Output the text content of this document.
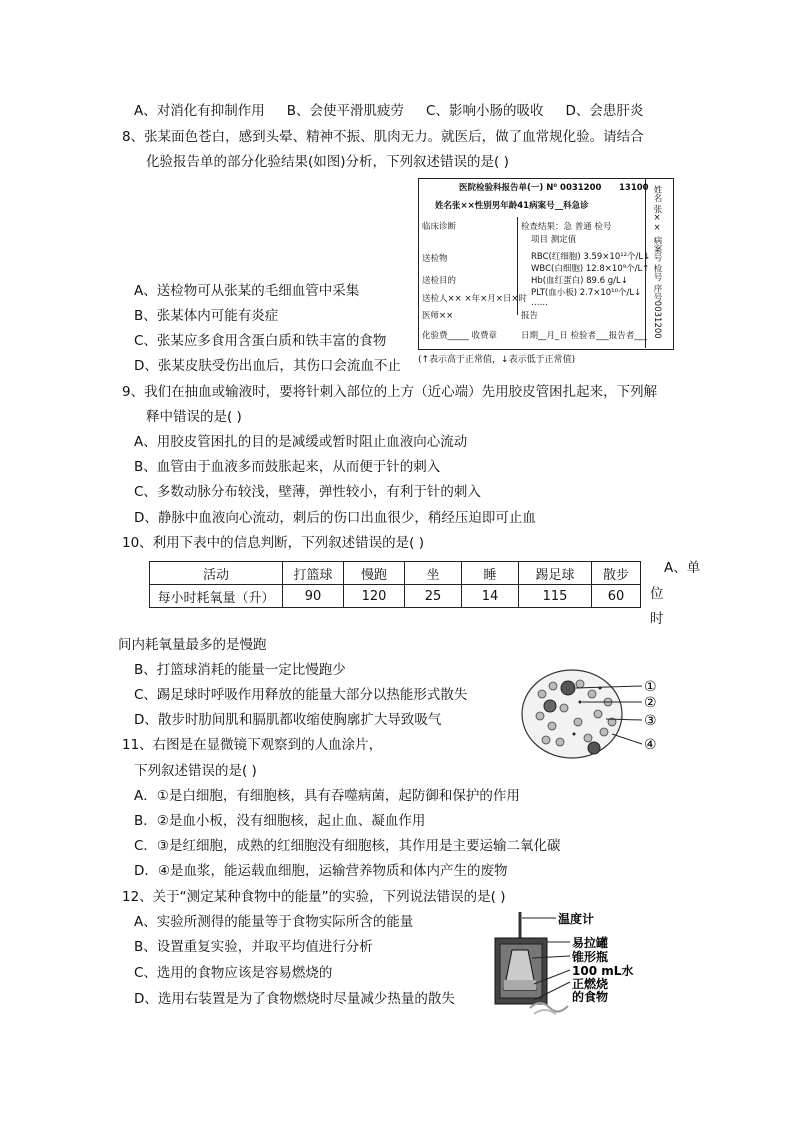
A、对消化有抑制作用 B、会使平滑肌疲劳 C、影响小肠的吸收 D、会患肝炎
8、张某面色苍白，感到头晕、精神不振、肌肉无力。就医后，做了血常规化验。请结合
化验报告单的部分化验结果(如图)分析，下列叙述错误的是( )
A、送检物可从张某的毛细血管中采集
B、张某体内可能有炎症
C、张某应多食用含蛋白质和铁丰富的食物
D、张某皮肤受伤出血后，其伤口会流血不止
医院检验科报告单(一) N⁰ 0031200 13100
姓名张××性别男年龄41病案号__科急诊
临床诊断
送检物
送检目的
送检人×× ×年×月×日×时
医师××
化验费_____ 收费章
检查结果：急 普通 检号
项目 测定值
RBC(红细胞) 3.59×10¹²个/L↓
WBC(白细胞) 12.8×10⁹个/L↑
Hb(血红蛋白) 89.6 g/L↓
PLT(血小板) 2.7×10¹⁰个/L↓
……
报告
日期__月_日 检验者___报告者___ 姓名 张×× 病案号 检号 序号0031200
(↑表示高于正常值，↓表示低于正常值)
9、我们在抽血或输液时，要将针刺入部位的上方（近心端）先用胶皮管困扎起来，下列解
释中错误的是( )
A、用胶皮管困扎的目的是减缓或暂时阻止血液向心流动
B、血管由于血液多而鼓胀起来，从而便于针的刺入
C、多数动脉分布较浅，壁薄，弹性较小，有利于针的刺入
D、静脉中血液向心流动，刺后的伤口出血很少，稍经压迫即可止血
10、利用下表中的信息判断，下列叙述错误的是( )
活动	打篮球	慢跑	坐	睡	踢足球	散步
每小时耗氧量（升）	90	120	25	14	115	60
A、单
位
时
间内耗氧量最多的是慢跑
B、打篮球消耗的能量一定比慢跑少
C、踢足球时呼吸作用释放的能量大部分以热能形式散失
D、散步时肋间肌和膈肌都收缩使胸廓扩大导致吸气
①
②
③
④
11、右图是在显微镜下观察到的人血涂片，
下列叙述错误的是( )
A．①是白细胞，有细胞核，具有吞噬病菌，起防御和保护的作用
B．②是血小板，没有细胞核，起止血、凝血作用
C．③是红细胞，成熟的红细胞没有细胞核，其作用是主要运输二氧化碳
D．④是血浆，能运载血细胞，运输营养物质和体内产生的废物
12、关于“测定某种食物中的能量”的实验，下列说法错误的是( )
A、实验所测得的能量等于食物实际所含的能量
B、设置重复实验，并取平均值进行分析
C、选用的食物应该是容易燃烧的
D、选用右装置是为了食物燃烧时尽量减少热量的散失
温度计
易拉罐
锥形瓶
100 mL水
正燃烧
的食物
